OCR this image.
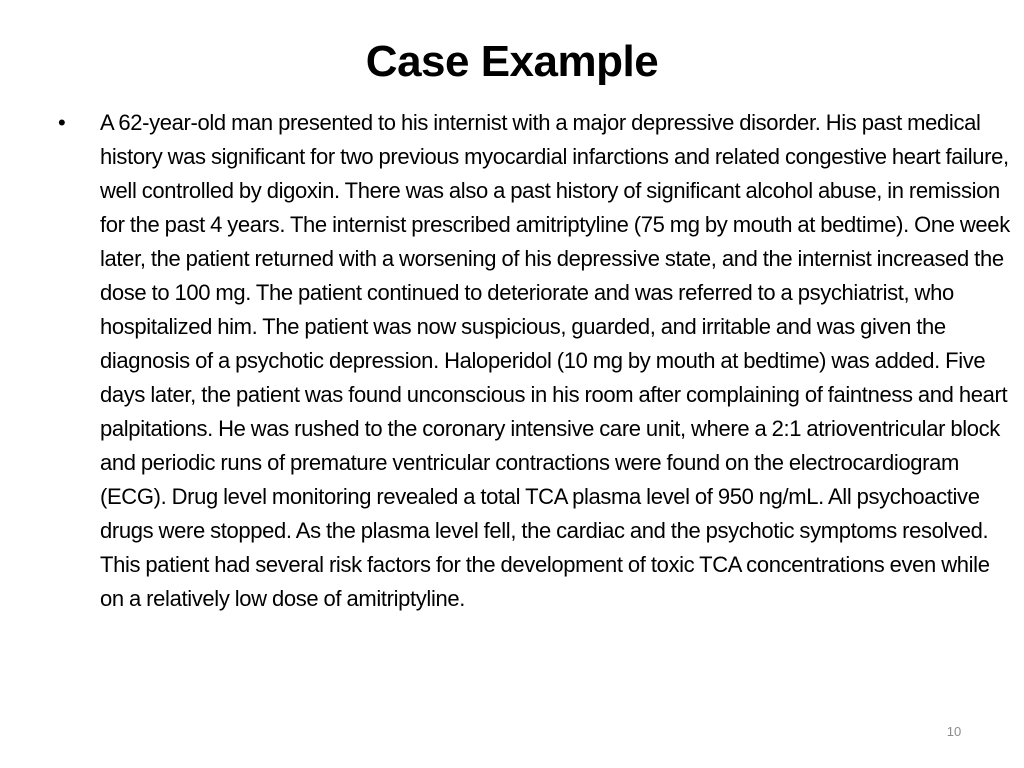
Case Example
•	A 62-year-old man presented to his internist with a major depressive disorder. His past medical history was significant for two previous myocardial infarctions and related congestive heart failure, well controlled by digoxin. There was also a past history of significant alcohol abuse, in remission for the past 4 years. The internist prescribed amitriptyline (75 mg by mouth at bedtime). One week later, the patient returned with a worsening of his depressive state, and the internist increased the dose to 100 mg. The patient continued to deteriorate and was referred to a psychiatrist, who hospitalized him. The patient was now suspicious, guarded, and irritable and was given the diagnosis of a psychotic depression. Haloperidol (10 mg by mouth at bedtime) was added. Five days later, the patient was found unconscious in his room after complaining of faintness and heart palpitations. He was rushed to the coronary intensive care unit, where a 2:1 atrioventricular block and periodic runs of premature ventricular contractions were found on the electrocardiogram (ECG). Drug level monitoring revealed a total TCA plasma level of 950 ng/mL. All psychoactive drugs were stopped. As the plasma level fell, the cardiac and the psychotic symptoms resolved. This patient had several risk factors for the development of toxic TCA concentrations even while on a relatively low dose of amitriptyline.

10
